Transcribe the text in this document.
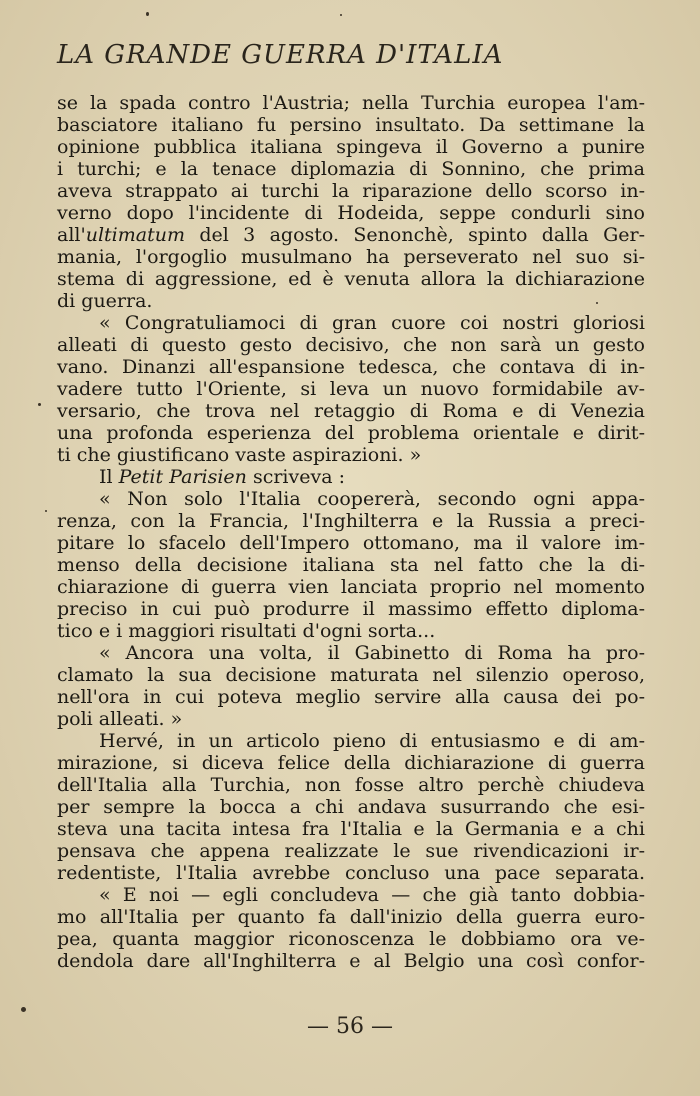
LA GRANDE GUERRA D'ITALIA
se la spada contro l'Austria; nella Turchia europea l'am-
basciatore italiano fu persino insultato. Da settimane la
opinione pubblica italiana spingeva il Governo a punire
i turchi; e la tenace diplomazia di Sonnino, che prima
aveva strappato ai turchi la riparazione dello scorso in-
verno dopo l'incidente di Hodeida, seppe condurli sino
all'ultimatum del 3 agosto. Senonchè, spinto dalla Ger-
mania, l'orgoglio musulmano ha perseverato nel suo si-
stema di aggressione, ed è venuta allora la dichiarazione
di guerra.
« Congratuliamoci di gran cuore coi nostri gloriosi
alleati di questo gesto decisivo, che non sarà un gesto
vano. Dinanzi all'espansione tedesca, che contava di in-
vadere tutto l'Oriente, si leva un nuovo formidabile av-
versario, che trova nel retaggio di Roma e di Venezia
una profonda esperienza del problema orientale e dirit-
ti che giustificano vaste aspirazioni. »
Il Petit Parisien scriveva :
« Non solo l'Italia coopererà, secondo ogni appa-
renza, con la Francia, l'Inghilterra e la Russia a preci-
pitare lo sfacelo dell'Impero ottomano, ma il valore im-
menso della decisione italiana sta nel fatto che la di-
chiarazione di guerra vien lanciata proprio nel momento
preciso in cui può produrre il massimo effetto diploma-
tico e i maggiori risultati d'ogni sorta...
« Ancora una volta, il Gabinetto di Roma ha pro-
clamato la sua decisione maturata nel silenzio operoso,
nell'ora in cui poteva meglio servire alla causa dei po-
poli alleati. »
Hervé, in un articolo pieno di entusiasmo e di am-
mirazione, si diceva felice della dichiarazione di guerra
dell'Italia alla Turchia, non fosse altro perchè chiudeva
per sempre la bocca a chi andava susurrando che esi-
steva una tacita intesa fra l'Italia e la Germania e a chi
pensava che appena realizzate le sue rivendicazioni ir-
redentiste, l'Italia avrebbe concluso una pace separata.
« E noi — egli concludeva — che già tanto dobbia-
mo all'Italia per quanto fa dall'inizio della guerra euro-
pea, quanta maggior riconoscenza le dobbiamo ora ve-
dendola dare all'Inghilterra e al Belgio una così confor-
— 56 —
